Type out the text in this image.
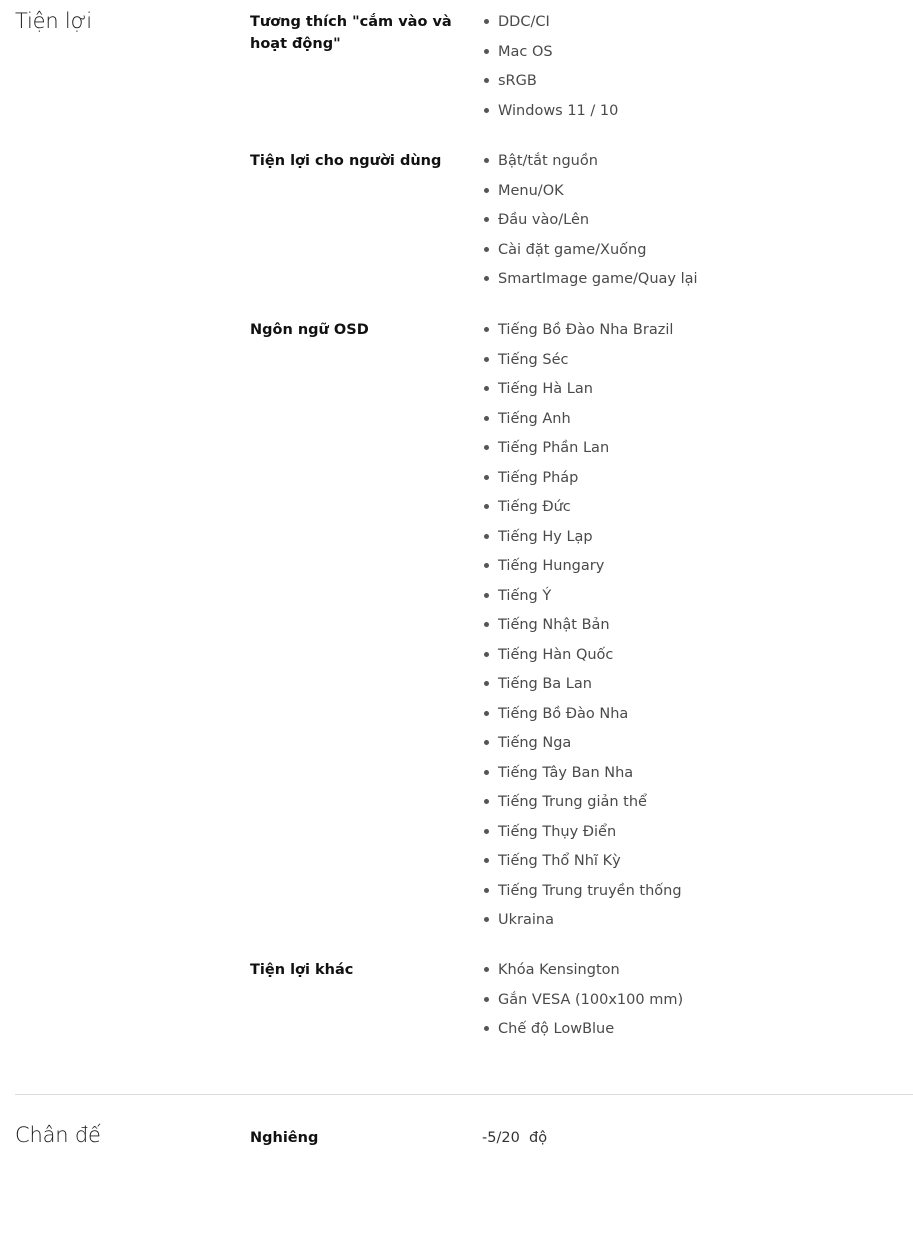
Tiện lợi	Tương thích "cắm vào và hoạt động"
DDC/CI
Mac OS
sRGB
Windows 11 / 10
Tiện lợi cho người dùng	Bật/tắt nguồn
Menu/OK
Đầu vào/Lên
Cài đặt game/Xuống
SmartImage game/Quay lại
Ngôn ngữ OSD	Tiếng Bồ Đào Nha Brazil
Tiếng Séc
Tiếng Hà Lan
Tiếng Anh
Tiếng Phần Lan
Tiếng Pháp
Tiếng Đức
Tiếng Hy Lạp
Tiếng Hungary
Tiếng Ý
Tiếng Nhật Bản
Tiếng Hàn Quốc
Tiếng Ba Lan
Tiếng Bồ Đào Nha
Tiếng Nga
Tiếng Tây Ban Nha
Tiếng Trung giản thể
Tiếng Thụy Điển
Tiếng Thổ Nhĩ Kỳ
Tiếng Trung truyền thống
Ukraina
Tiện lợi khác	Khóa Kensington
Gắn VESA (100x100 mm)
Chế độ LowBlue
Chân đế	Nghiêng	-5/20  độ
